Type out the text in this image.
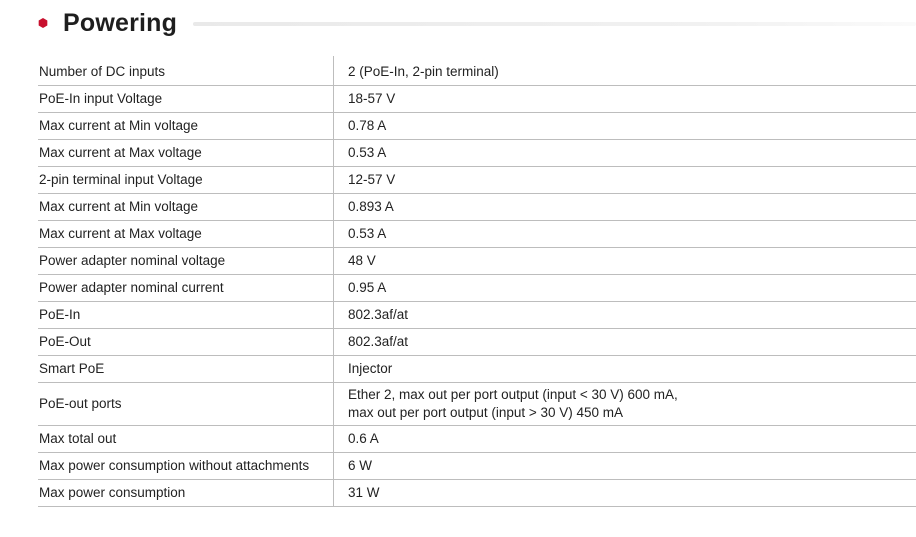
Powering
Number of DC inputs	2 (PoE-In, 2-pin terminal)
PoE-In input Voltage	18-57 V
Max current at Min voltage	0.78 A
Max current at Max voltage	0.53 A
2-pin terminal input Voltage	12-57 V
Max current at Min voltage	0.893 A
Max current at Max voltage	0.53 A
Power adapter nominal voltage	48 V
Power adapter nominal current	0.95 A
PoE-In	802.3af/at
PoE-Out	802.3af/at
Smart PoE	Injector
PoE-out ports	Ether 2, max out per port output (input < 30 V) 600 mA,
max out per port output (input > 30 V) 450 mA

Max total out	0.6 A
Max power consumption without attachments	6 W
Max power consumption	31 W
